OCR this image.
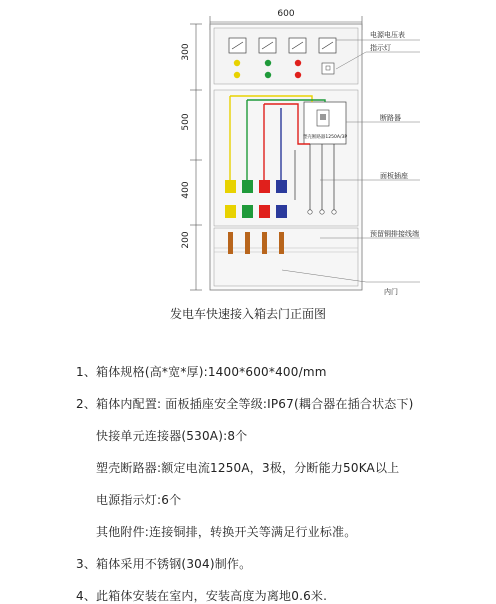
600
300
500
400
200
塑壳断路器1250A/3P
电源电压表
指示灯
断路器
面板插座
预留铜排接线端
内门
发电车快速接入箱去门正面图
1、箱体规格(高*宽*厚):1400*600*400/mm
2、箱体内配置: 面板插座安全等级:IP67(耦合器在插合状态下)
快接单元连接器(530A):8个
塑壳断路器:额定电流1250A，3极，分断能力50KA以上
电源指示灯:6个
其他附件:连接铜排，转换开关等满足行业标准。
3、箱体采用不锈钢(304)制作。
4、此箱体安装在室内，安装高度为离地0.6米.
